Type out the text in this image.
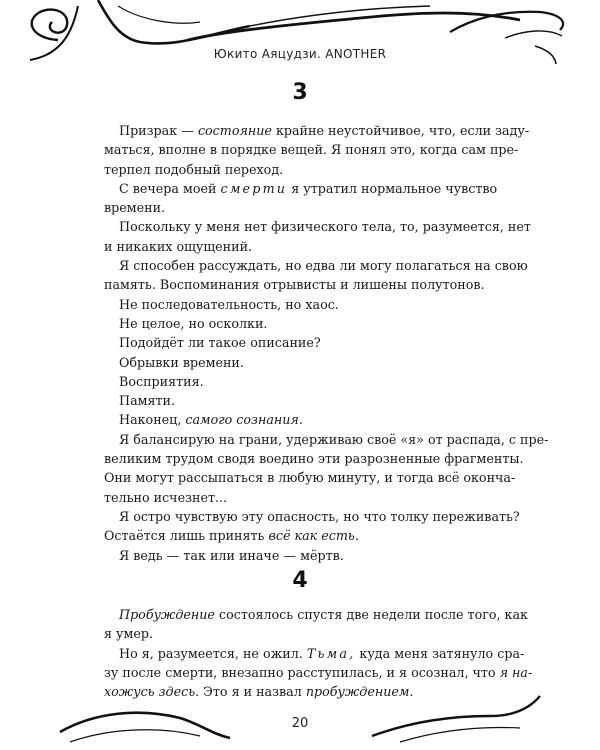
Юкито Аяцудзи. ANOTHER
3
Призрак — состояние крайне неустойчивое, что, если заду-
маться, вполне в порядке вещей. Я понял это, когда сам пре-
терпел подобный переход.
С вечера моей смерти я утратил нормальное чувство
времени.
Поскольку у меня нет физического тела, то, разумеется, нет
и никаких ощущений.
Я способен рассуждать, но едва ли могу полагаться на свою
память. Воспоминания отрывисты и лишены полутонов.
Не последовательность, но хаос.
Не целое, но осколки.
Подойдёт ли такое описание?
Обрывки времени.
Восприятия.
Памяти.
Наконец, самого сознания.
Я балансирую на грани, удерживаю своё «я» от распада, с пре-
великим трудом сводя воедино эти разрозненные фрагменты.
Они могут рассыпаться в любую минуту, и тогда всё оконча-
тельно исчезнет...
Я остро чувствую эту опасность, но что толку переживать?
Остаётся лишь принять всё как есть.
Я ведь — так или иначе — мёртв.
4
Пробуждение состоялось спустя две недели после того, как
я умер.
Но я, разумеется, не ожил. Тьма, куда меня затянуло сра-
зу после смерти, внезапно расступилась, и я осознал, что я на-
хожусь здесь. Это я и назвал пробуждением.
20
